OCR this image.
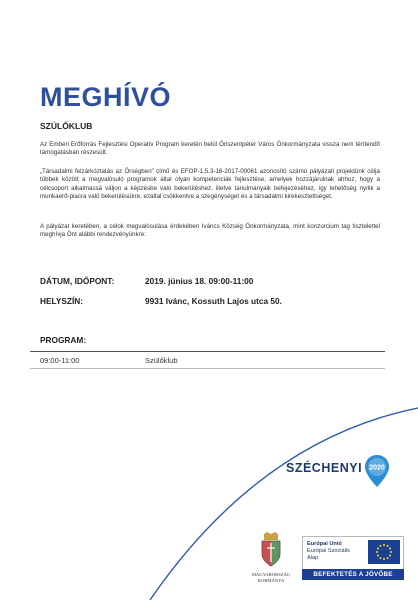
MEGHÍVÓ
SZÜLŐKLUB
Az Emberi Erőforrás Fejlesztési Operatív Program keretén belül Őriszentpéter Város Önkormányzata vissza nem térítendő támogatásban részesült.
„Társadalmi felzárkóztatás az Őrségben” című és EFOP-1.5.3-16-2017-00061 azonosító számú pályázati projektünk célja többek között a megvalósuló programok által olyan kompetenciák fejlesztése, amelyek hozzájárulnak ahhoz, hogy a célcsoport alkalmassá váljon a képzésbe való bekerüléshez, illetve tanulmányaik befejezéséhez, így lehetőség nyílik a munkaerő-piacra való bekerülésükre, ezáltal csökkentve a szegénységet és a társadalmi kirekesztettséget.
A pályázat keretében, a célok megvalósulása érdekében Iváncs Község Önkormányzata, mint konzorcium tag tisztelettel meghívja Önt alábbi rendezvényünkre:
DÁTUM, IDŐPONT:	2019. június 18. 09:00-11:00
HELYSZÍN:	9931 Ivánc, Kossuth Lajos utca 50.
PROGRAM:
09:00-11:00	Szülőklub
SZÉCHENYI 2020
MAGYARORSZÁG
KORMÁNYA
Európai Unió
Európai Szociális
Alap
BEFEKTETÉS A JÖVŐBE
